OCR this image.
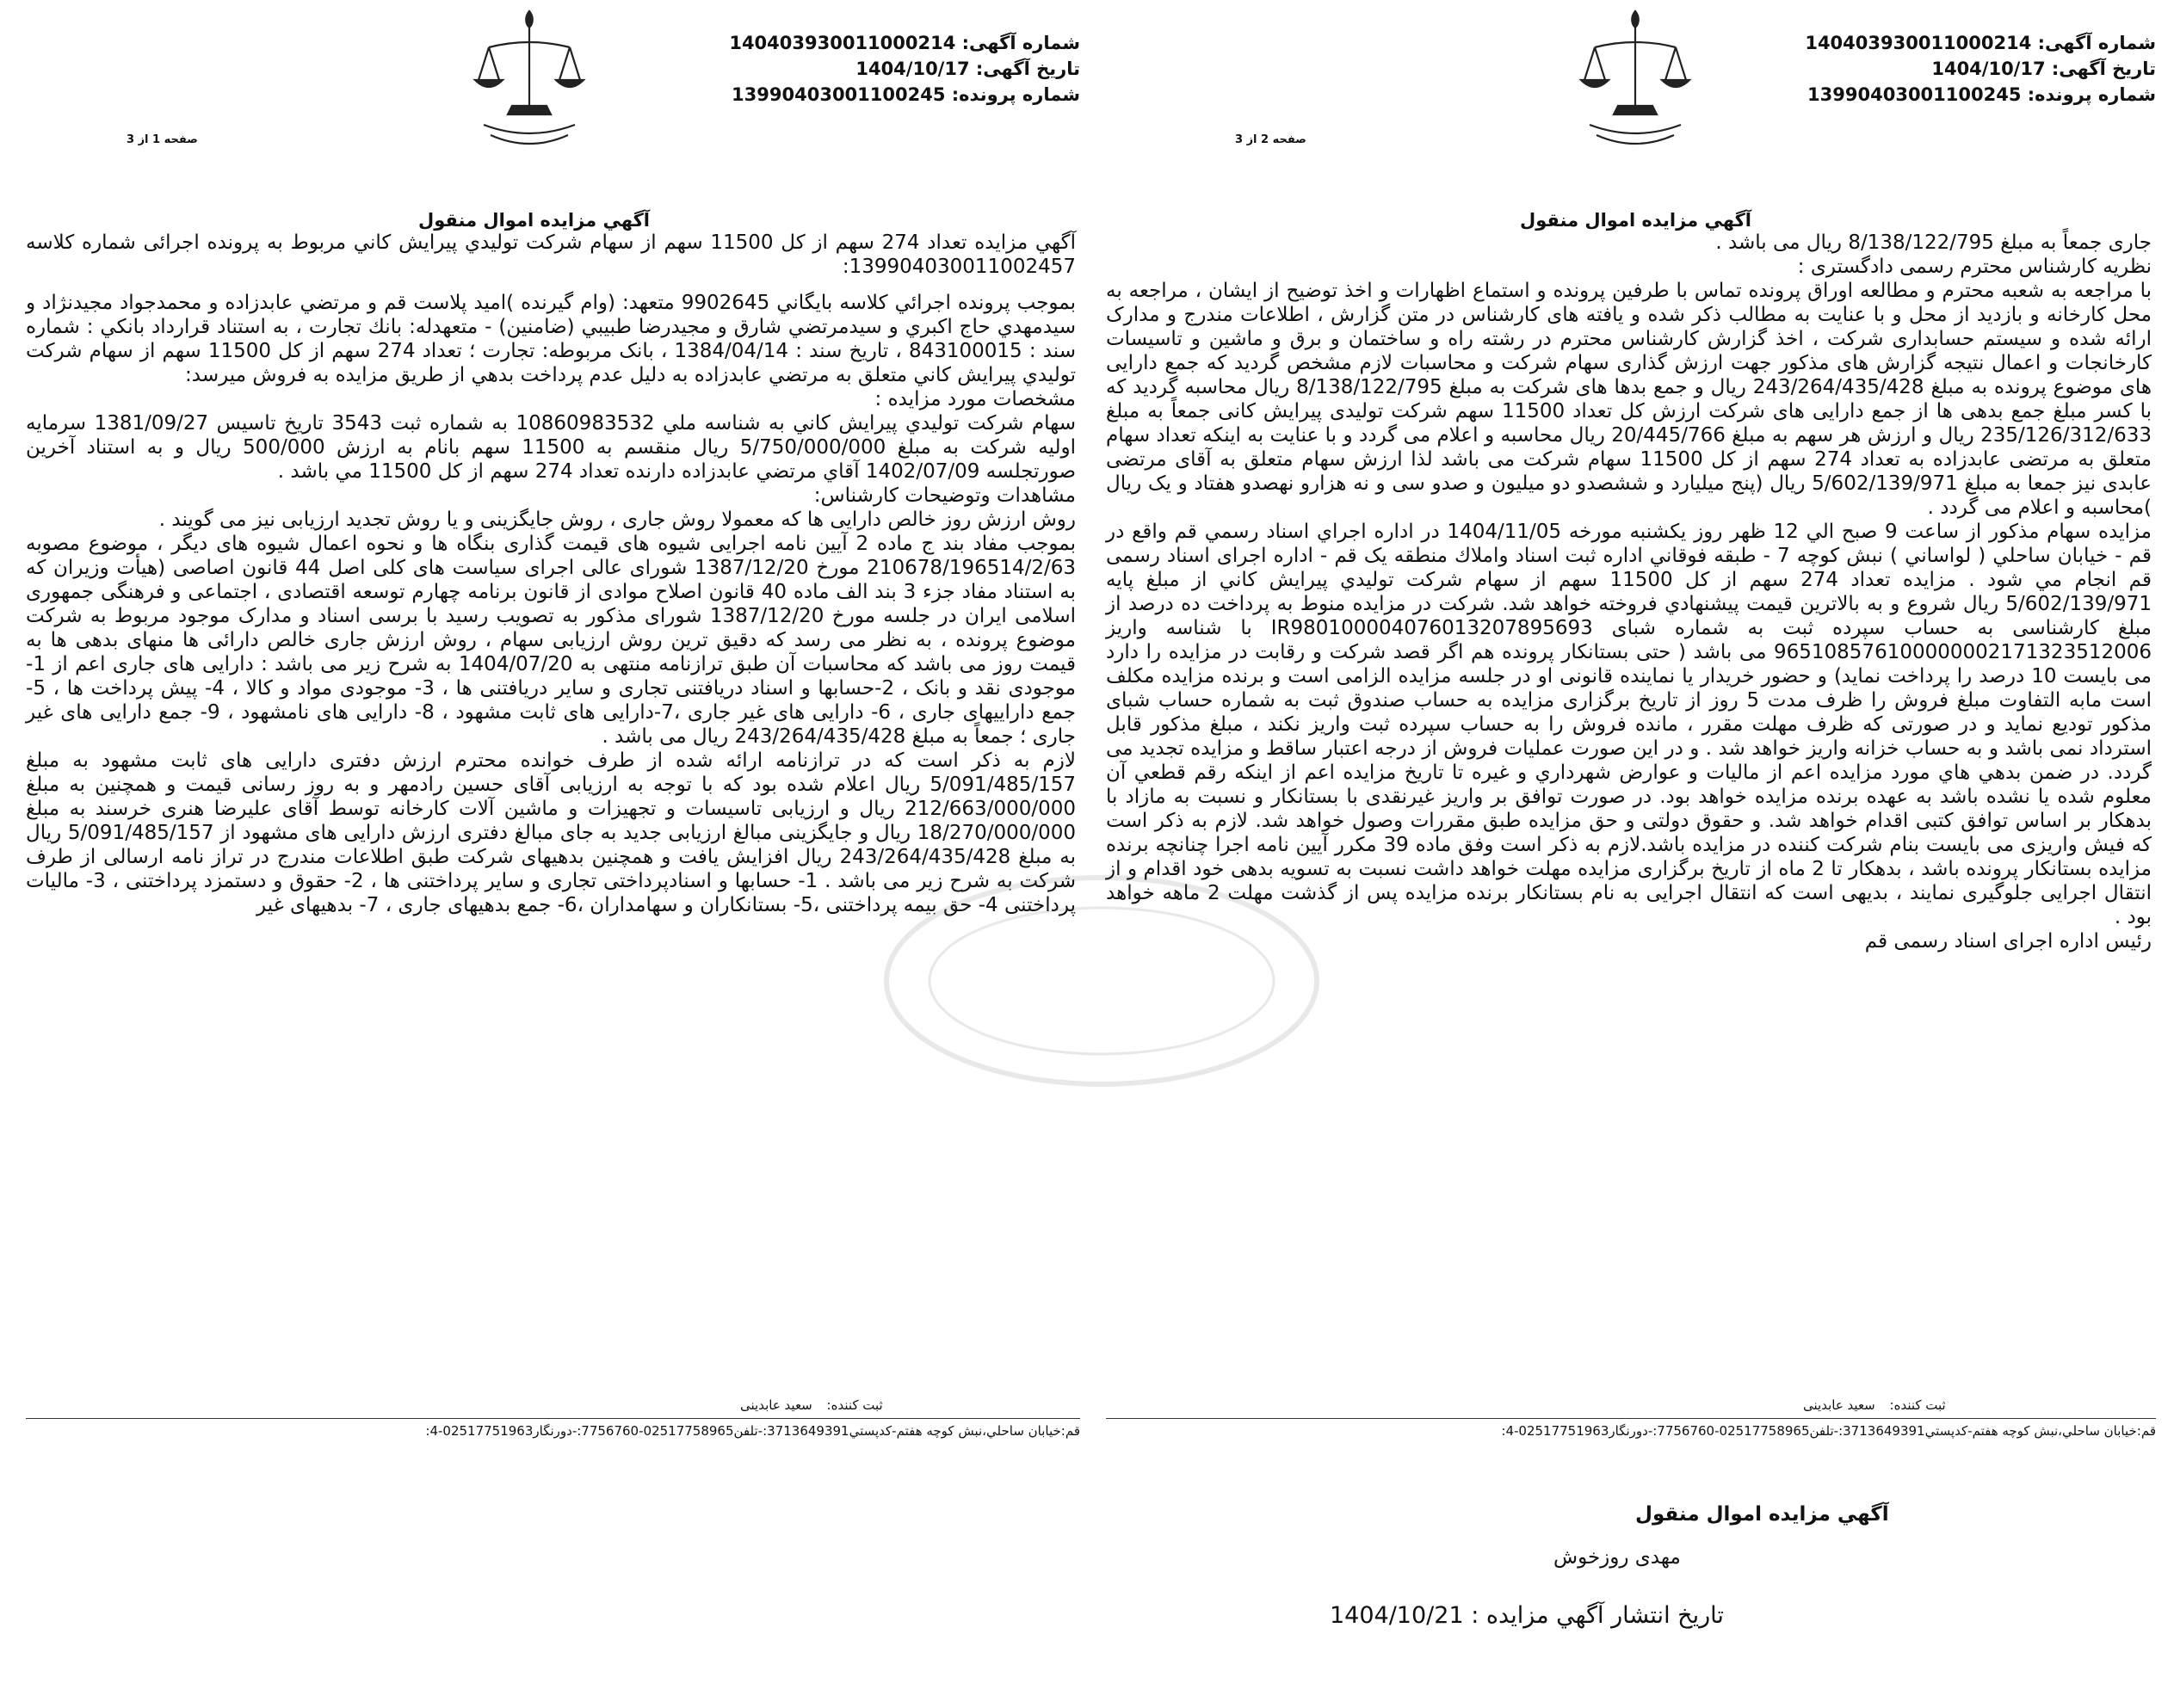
شماره آگهی: 140403930011000214
تاریخ آگهی: 1404/10/17
شماره پرونده: 13990403001100245
صفحه 2 از 3
آگهي مزايده اموال منقول

جاری جمعاً به مبلغ 8/138/122/795 ریال می باشد .

نظریه کارشناس محترم رسمی دادگستری :

با مراجعه به شعبه محترم و مطالعه اوراق پرونده تماس با طرفین پرونده و استماع اظهارات و اخذ توضیح از ایشان ، مراجعه به محل کارخانه و بازدید از محل و با عنایت به مطالب ذکر شده و یافته های کارشناس در متن گزارش ، اطلاعات مندرج و مدارک ارائه شده و سیستم حسابداری شرکت ، اخذ گزارش کارشناس محترم در رشته راه و ساختمان و برق و ماشین و تاسیسات کارخانجات و اعمال نتیجه گزارش های مذکور جهت ارزش گذاری سهام شرکت و محاسبات لازم مشخص گردید که جمع دارایی های موضوع پرونده به مبلغ 243/264/435/428 ریال و جمع بدها های شرکت به مبلغ 8/138/122/795 ریال محاسبه گردید که با کسر مبلغ جمع بدهی ها از جمع دارایی های شرکت ارزش کل تعداد 11500 سهم شرکت تولیدی پیرایش کانی جمعاً به مبلغ 235/126/312/633 ریال و ارزش هر سهم به مبلغ 20/445/766 ریال محاسبه و اعلام می گردد و با عنایت به اینکه تعداد سهام متعلق به مرتضی عابدزاده به تعداد 274 سهم از کل 11500 سهام شرکت می باشد لذا ارزش سهام متعلق به آقای مرتضی عابدی نیز جمعا به مبلغ 5/602/139/971 ریال (پنج میلیارد و ششصدو دو میلیون و صدو سی و نه هزارو نهصدو هفتاد و یک ریال )محاسبه و اعلام می گردد .

مزایده سهام مذکور از ساعت 9 صبح الي 12 ظهر روز يكشنبه مورخه 1404/11/05 در اداره اجراي اسناد رسمي قم واقع در قم - خيابان ساحلي ( لواساني ) نبش كوچه 7 - طبقه فوقاني اداره ثبت اسناد واملاك منطقه يک قم - اداره اجرای اسناد رسمی قم انجام مي شود . مزايده تعداد 274 سهم از كل 11500 سهم از سهام شركت توليدي پيرايش كاني از مبلغ پايه 5/602/139/971 ريال شروع و به بالاترين قيمت پيشنهادي فروخته خواهد شد. شرکت در مزایده منوط به پرداخت ده درصد از مبلغ کارشناسی به حساب سپرده ثبت به شماره شبای IR980100004076013207895693 با شناسه واریز 965108576100000002171323512006 می باشد ( حتی بستانکار پرونده هم اگر قصد شرکت و رقابت در مزایده را دارد می بایست 10 درصد را پرداخت نماید) و حضور خریدار یا نماینده قانونی او در جلسه مزایده الزامی است و برنده مزایده مکلف است مابه التفاوت مبلغ فروش را ظرف مدت 5 روز از تاریخ برگزاری مزایده به حساب صندوق ثبت به شماره حساب شبای مذکور تودیع نماید و در صورتی که ظرف مهلت مقرر ، مانده فروش را به حساب سپرده ثبت واریز نکند ، مبلغ مذکور قابل استرداد نمی باشد و به حساب خزانه واریز خواهد شد . و در این صورت عملیات فروش از درجه اعتبار ساقط و مزایده تجدید می گردد. در ضمن بدهي هاي مورد مزايده اعم از ماليات و عوارض شهرداري و غيره تا تاريخ مزايده اعم از اينكه رقم قطعي آن معلوم شده يا نشده باشد به عهده برنده مزايده خواهد بود. در صورت توافق بر واریز غیرنقدی با بستانکار و نسبت به مازاد با بدهکار بر اساس توافق کتبی اقدام خواهد شد. و حقوق دولتی و حق مزایده طبق مقررات وصول خواهد شد. لازم به ذکر است که فیش واریزی می بایست بنام شرکت کننده در مزایده باشد.لازم به ذکر است وفق ماده 39 مکرر آیین نامه اجرا چنانچه برنده مزایده بستانکار پرونده باشد ، بدهکار تا 2 ماه از تاریخ برگزاری مزایده مهلت خواهد داشت نسبت به تسویه بدهی خود اقدام و از انتقال اجرایی جلوگیری نمایند ، بدیهی است که انتقال اجرایی به نام بستانکار برنده مزایده پس از گذشت مهلت 2 ماهه خواهد بود .

رئیس اداره اجرای اسناد رسمی قم

ثبت کننده: سعید عابدینی
قم:خيابان ساحلي،نبش كوچه هفتم-كدپستي3713649391:-تلفن02517758965-7756760:-دورنگار02517751963-4:
شماره آگهی: 140403930011000214
تاریخ آگهی: 1404/10/17
شماره پرونده: 13990403001100245
صفحه 1 از 3
آگهي مزايده اموال منقول

آگهي مزايده تعداد 274 سهم از كل 11500 سهم از سهام شركت توليدي پيرايش كاني مربوط به پرونده اجرائی شماره کلاسه 139904030011002457:

بموجب پرونده اجرائي كلاسه بايگاني 9902645 متعهد: (وام گيرنده )اميد پلاست قم و مرتضي عابدزاده و محمدجواد مجيدنژاد و سيدمهدي حاج اكبري و سيدمرتضي شارق و مجيدرضا طبيبي (ضامنين) - متعهدله: بانك تجارت ، به استناد قرارداد بانكي : شماره سند : 843100015 ، تاريخ سند : 1384/04/14 ، بانک مربوطه: تجارت ؛ تعداد 274 سهم از كل 11500 سهم از سهام شركت توليدي پيرايش كاني متعلق به مرتضي عابدزاده به دليل عدم پرداخت بدهي از طريق مزايده به فروش ميرسد:

مشخصات مورد مزايده :

سهام شركت توليدي پيرايش كاني به شناسه ملي 10860983532 به شماره ثبت 3543 تاريخ تاسيس 1381/09/27 سرمايه اوليه شركت به مبلغ 5/750/000/000 ريال منقسم به 11500 سهم بانام به ارزش 500/000 ريال و به استناد آخرين صورتجلسه 1402/07/09 آقاي مرتضي عابدزاده دارنده تعداد 274 سهم از كل 11500 مي باشد .

مشاهدات وتوضيحات كارشناس:

روش ارزش روز خالص دارایی ها که معمولا روش جاری ، روش جایگزینی و یا روش تجدید ارزیابی نیز می گویند .

بموجب مفاد بند ج ماده 2 آیین نامه اجرایی شیوه های قیمت گذاری بنگاه ها و نحوه اعمال شیوه های دیگر ، موضوع مصوبه 210678/196514/2/63 مورخ 1387/12/20 شورای عالی اجرای سیاست های کلی اصل 44 قانون اصاصی (هیأت وزیران که به استناد مفاد جزء 3 بند الف ماده 40 قانون اصلاح موادی از قانون برنامه چهارم توسعه اقتصادی ، اجتماعی و فرهنگی جمهوری اسلامی ایران در جلسه مورخ 1387/12/20 شورای مذکور به تصویب رسید با برسی اسناد و مدارک موجود مربوط به شرکت موضوع پرونده ، به نظر می رسد که دقیق ترین روش ارزیابی سهام ، روش ارزش جاری خالص دارائی ها منهای بدهی ها به قیمت روز می باشد که محاسبات آن طبق ترازنامه منتهی به 1404/07/20 به شرح زیر می باشد : دارایی های جاری اعم از 1-موجودی نقد و بانک ، 2-حسابها و اسناد دریافتنی تجاری و سایر دریافتنی ها ، 3- موجودی مواد و کالا ، 4- پیش پرداخت ها ، 5- جمع داراییهای جاری ، 6- دارایی های غیر جاری ،7-دارایی های ثابت مشهود ، 8- دارایی های نامشهود ، 9- جمع دارایی های غیر جاری ؛ جمعاً به مبلغ 243/264/435/428 ریال می باشد .

لازم به ذکر است که در ترازنامه ارائه شده از طرف خوانده محترم ارزش دفتری دارایی های ثابت مشهود به مبلغ 5/091/485/157 ریال اعلام شده بود که با توجه به ارزیابی آقای حسین رادمهر و به روز رسانی قیمت و همچنین به مبلغ 212/663/000/000 ریال و ارزیابی تاسیسات و تجهیزات و ماشین آلات کارخانه توسط آقای علیرضا هنری خرسند به مبلغ 18/270/000/000 ریال و جایگزینی مبالغ ارزیابی جدید به جای مبالغ دفتری ارزش دارایی های مشهود از 5/091/485/157 ریال به مبلغ 243/264/435/428 ریال افزایش یافت و همچنین بدهیهای شرکت طبق اطلاعات مندرج در تراز نامه ارسالی از طرف شرکت به شرح زیر می باشد . 1- حسابها و اسنادپرداختی تجاری و سایر پرداختنی ها ، 2- حقوق و دستمزد پرداختنی ، 3- مالیات پرداختنی 4- حق بیمه پرداختنی ،5- بستانکاران و سهامداران ،6- جمع بدهیهای جاری ، 7- بدهیهای غیر

ثبت کننده: سعید عابدینی
قم:خيابان ساحلي،نبش كوچه هفتم-كدپستي3713649391:-تلفن02517758965-7756760:-دورنگار02517751963-4:
آگهي مزايده اموال منقول
مهدی روزخوش
تاريخ انتشار آگهي مزايده : 1404/10/21
